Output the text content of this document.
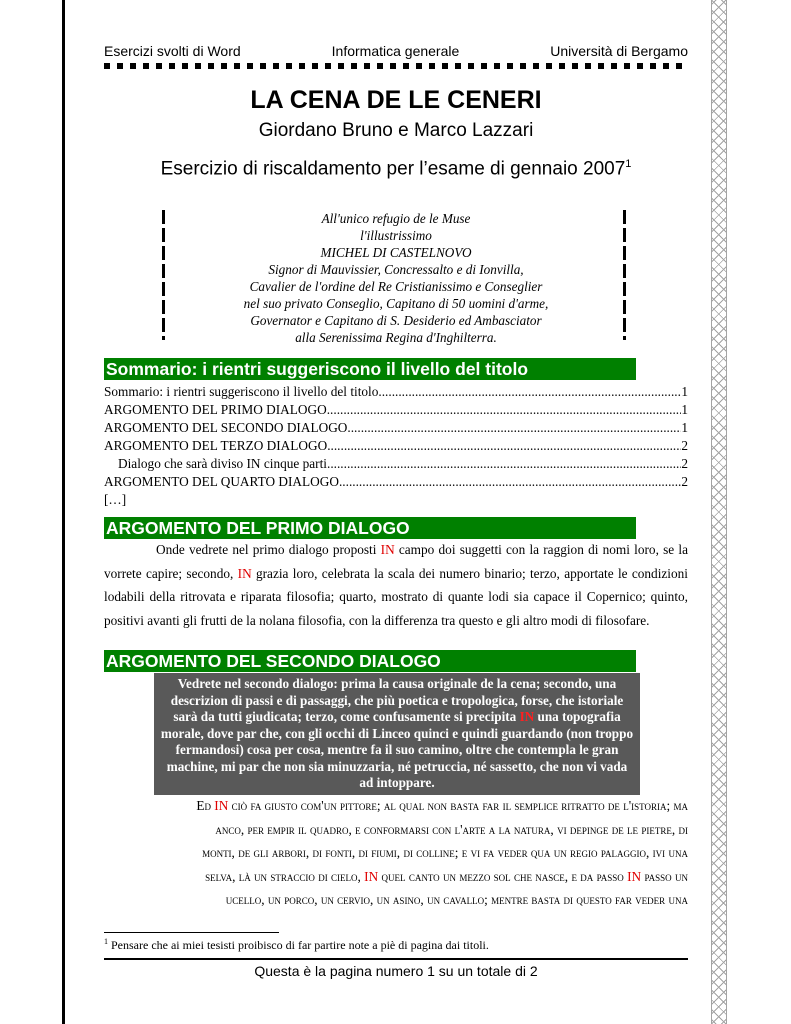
Esercizi svolti di Word	Informatica generale	Università di Bergamo
LA CENA DE LE CENERI
Giordano Bruno e Marco Lazzari
Esercizio di riscaldamento per l’esame di gennaio 2007$^1$
All'unico refugio de le Muse
l'illustrissimo
MICHEL DI CASTELNOVO
Signor di Mauvissier, Concressalto e di Ionvilla,
Cavalier de l'ordine del Re Cristianissimo e Conseglier
nel suo privato Conseglio, Capitano di 50 uomini d'arme,
Governator e Capitano di S. Desiderio ed Ambasciator
alla Serenissima Regina d'Inghilterra.
Sommario: i rientri suggeriscono il livello del titolo
Sommario: i rientri suggeriscono il livello del titolo .....	1
ARGOMENTO DEL PRIMO DIALOGO .....	1
ARGOMENTO DEL SECONDO DIALOGO .....	1
ARGOMENTO DEL TERZO DIALOGO .....	2
Dialogo che sarà diviso IN cinque parti .....	2
ARGOMENTO DEL QUARTO DIALOGO .....	2
[…]
ARGOMENTO DEL PRIMO DIALOGO
Onde vedrete nel primo dialogo proposti IN campo doi suggetti con la raggion di nomi loro, se la vorrete capire; secondo, IN grazia loro, celebrata la scala dei numero binario; terzo, apportate le condizioni lodabili della ritrovata e riparata filosofia; quarto, mostrato di quante lodi sia capace il Copernico; quinto, positivi avanti gli frutti de la nolana filosofia, con la differenza tra questo e gli altro modi di filosofare.
ARGOMENTO DEL SECONDO DIALOGO
Vedrete nel secondo dialogo: prima la causa originale de la cena; secondo, una descrizion di passi e di passaggi, che più poetica e tropologica, forse, che istoriale sarà da tutti giudicata; terzo, come confusamente si precipita IN una topografia morale, dove par che, con gli occhi di Linceo quinci e quindi guardando (non troppo fermandosi) cosa per cosa, mentre fa il suo camino, oltre che contempla le gran machine, mi par che non sia minuzzaria, né petruccia, né sassetto, che non vi vada ad intoppare.
Ed IN ciò fa giusto com'un pittore; al qual non basta far il semplice ritratto de l'istoria; ma
anco, per empir il quadro, e conformarsi con l'arte a la natura, vi depinge de le pietre, di
monti, de gli arbori, di fonti, di fiumi, di colline; e vi fa veder qua un regio palaggio, ivi una
selva, là un straccio di cielo, IN quel canto un mezzo sol che nasce, e da passo IN passo un
ucello, un porco, un cervio, un asino, un cavallo; mentre basta di questo far veder una
$^1$ Pensare che ai miei tesisti proibisco di far partire note a piè di pagina dai titoli.
Questa è la pagina numero 1 su un totale di 2
